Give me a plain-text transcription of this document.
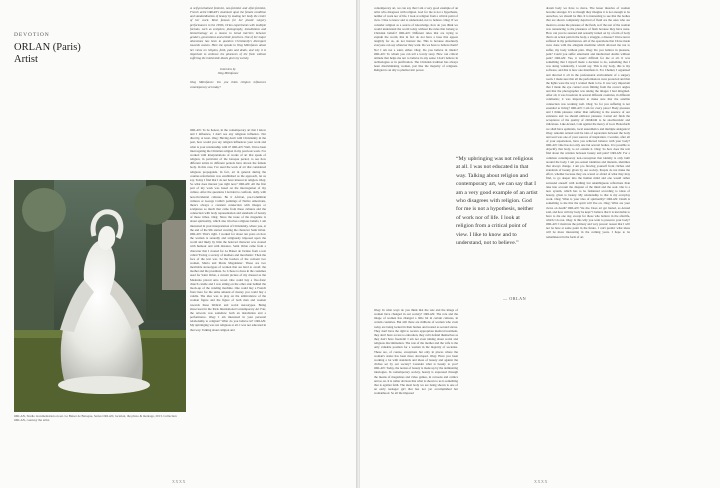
DEVOTION
ORLAN (Paris)
Artist
ORLAN, Studio documentation on set. Le Baiser de Baroque, Series ORLAN, location, the photo & montage, 2013. Collection ORLAN, courtesy the artist.

A self-proclaimed feminist, neo-feminist and after-feminist, French artist ORLAN's statement upon the female condition and standardisation of beauty by making her body the centre of her work. Most famous for her plastic surgery performances in the 1990s, Orlan experiments with multiple formats, such as sculpture, photography, installations and biotechnology as a means to break barriers between genders, generations and artistic practices. One of her major obsessions has been to question Christianity's disrespect towards women. Here she speaks to Oleg Mitrofanov about her views on religion, faith, pain and death, and why it is important to embrace the pleasures of the flesh without suffering the intolerable ideals given by society.

Interview by
Oleg Mitrofanov

Oleg Mitrofanov: Do you think religion influences contemporary art today?

ORLAN: To be honest, in the contemporary art that I know and I influence, I don't see any religious influence. Not directly, at least. Oleg: Having dealt with Christianity in the past, how would you say religion influences your work and what is your relationship with it? ORLAN: Well, I have been interrogating the Christian religion in my previous work. I've worked with interpretations of works of art that speak of religion, in particular of the baroque period, to see how different artists in different periods have shown the female body. In this case, I've used the work of art that considered religious propaganda. In fact, art in general during the counter-reformation was established as the approach, let us say. Today I find that I do not have interest in religion. Oleg: So what does interest you right now? ORLAN: All the first part of my work was based on the interrogation of my culture. After the questions I decided to confront, daily, with non-Occidental cultures. Be it African, pre-Columbian cultures or George Catlin's paintings of Native Americans, there's always a constant connection with images or sculptures so much that came from these cultures and the connection with body representation and standards of beauty of those tribes. Oleg: Since the issue of the magazine is about spirituality, which also involves religious beliefs, I am interested in your interpretation of Christianity, where you, at the end of the 90s started creating the character Saint Orlan. ORLAN: That's right. I worked for about ten years on how the woman is sexually and religiously imposed upon the world and likely by little the beloved character was created with humour and with distance. Saint Orlan came from a character that I created for Le Baiser de l'artiste from a text called 'Facing a society of mothers and merchants'. Then the face of the text was 'At the borders of the convent two women, Maria and Maria Magdalena'. These are two inevitable stereotypes of women that are hard to avoid: the mother and the prostitute. So I chose to dress in the costumes used for Saint Orlan, a current picture of my dressed as the Madonna placed onto wood. One could buy a five-franc church candle and I was sitting on the other side behind the mock-up of the vending machine. One could buy a French franc here for the same amount of money you could buy a candle. The idea was to play on the ambivalence of the woman figure and the figure of both men and women towards these biblical and social stereotypes. Being showcased in the Paris International Contemporary Art Fair, the artwork was somehow both an installation and a performance. Oleg: I am interested in your personal relationship to religion? What do you believe in? ORLAN: My upbringing was not religious at all. I was not educated in that way. Talking about religion and

XXXX

contemporary art, we can say that I am a very good example of an artist who disagrees with religion. God for me is not a hypothesis, neither of work nor of life. I look at religion from a critical point of view. I like to know and to understand, not to believe. Oleg: If we consider religion as a source of knowledge, how do you think we would understand the world today without the rules that belong to Christian beliefs? ORLAN: Different rules that are trying to explain the world, that in fact do not have a base that appear tangibly for us, do not interest me. This is because absolutely everyone can say whatever they want. Do we have to believe them? No! I am not a saint, either. Oleg: Do you believe in rituals? ORLAN: To whom you can tell a lovely story. How can critical attitude that helps me not to believe in any sense I don't believe in technologies or in purification. The Christian tradition has always been discriminating women, just like the majority of religions. Religion is an ally to phallocratic power.

“My upbringing was not religious at all. I was not educated in that way. Talking about religion and contemporary art, we can say that I am a very good example of an artist who disagrees with religion. God for me is not a hypothesis, neither of work nor of life. I look at religion from a critical point of view. I like to know and to understand, not to believe.”
— ORLAN

Oleg: In what ways do you think that the role and the image of women have changed in our society? ORLAN: The role and the image of women has changed a little bit in certain cultures, in certain countries. But still there are millions of women who even today are being locked in their homes and treated as second slaves. They don't have the right to receive appropriate medical treatment, they don't have access to education, they can't defend themselves as they don't have freedom! I am not even talking about social and religious discrimination. The role of the mother and the wife is the only valuable position for a woman in the majority of societies. These are, of course, exceptions but only in places where the woman's status has been more developed. Oleg: Have you been working a lot with standards and ideas of beauty and against the cliches set by our society? Consider what is beauty to you? ORLAN: Today, the notion of beauty is made up by the dominating ideologies. In contemporary society, beauty is expressed through the means of magazines and video games, in cartoons and comics and so on. It is rather obvious that what is shown to us is something that is against faith. The ideal body we are being shown is one of an early teenager girl that has not yet accomplished her womanhood. So all the imposed

dream body we have to move. The lesser muscles of women become stronger. It's as though they imagine it is not enough to be ourselves, we should be thin. It is interesting to see that the bodies that are shown completely deprived of flesh are the ones who are meant to evoke the pleasure of the flesh, as if the rest of the woman was renouncing to the pleasures of flesh because they have none. How can you be assured and sexually turned on by a form of body that is an actual pain in the body, a struggle, a disease? I have never suffered in my performances. All of the operations that I have made were done with the allegiant medicine which allowed me not to suffer, my body without pain. Oleg: Do you believe in pleasure, pain? Could you suffer emotional and intellectual doubts without pain? ORLAN: Yes, it wasn't difficult for me at all. It was something that I myself made a decision to do, something that I was doing voluntarily, I would say. This is my body, this is my software, and that is how one manifests it. For Chemel, I organised and directed it all in the professional environment of a surgery room. I made sure that all the performances were protected and that the lights were the way I wanted them to be. It was very important that I made the eye contact even filming from the correct angles and that the photographer was taking the images I had imagined. After all, it was broadcast in several different countries, in different continents; it was important to make sure that the satellite connection was working well. Oleg: So for you suffering is not essential to living? ORLAN: I am for every piece! Body pleasure and I think pleasure rather than suffering is the essence of our existence and we should embrace pleasure. Carnal Art finds the acceptance of the quality of childbirth to be anachronistic and ridiculous. Like Artaud, I am against the mercy of God. Henceforth we shall have epidurals, local anaesthetics and multiple analgesics! Oleg: Antonin Artaud said he idea of separation between the body and soul was one of your sources of inspiration. I wonder, after all of your experiences, have you achieved balance with your body? ORLAN: One has not only one but several bodies. It is possible to objectify that body, to act outside it. Oleg: So how does the text find about the relation between beauty and pain? ORLAN: For a common contemporary non-conception that identity is only built around the body. I am pro-sexual identities and mutants, identities that always change. I am pro flowing yourself from cliches and standards of beauty given by our society. People do not make the effort, whether because they are scared or afraid of what they may find, to go deeper into the human mind and one would rather surround oneself with nothing but unambiguous reflections than take into account the disquiet of the mind and the soul. Our is a new system, which has to be fashioned according to ideas of beauty, given to beauty. My relationship to that is my everyday work. Oleg: What is your idea of spirituality? ORLAN: Death is something to me that the spirit will live on. Oleg: What are your views on death? ORLAN: We die. Does art get buried, as Artaud said, and how will my body be kept? I believe that it is inevitable to have to die one day, except for those who believe in the afterlife, which I do not. Oleg: Is this why you want to preserve your body? ORLAN: I motivate the primary and very prosaic reason that I will not be here at some point in the future. I can't predict what ideas will be more interesting in the coming years. I hope to be remembered in the form of art.

XXXX
